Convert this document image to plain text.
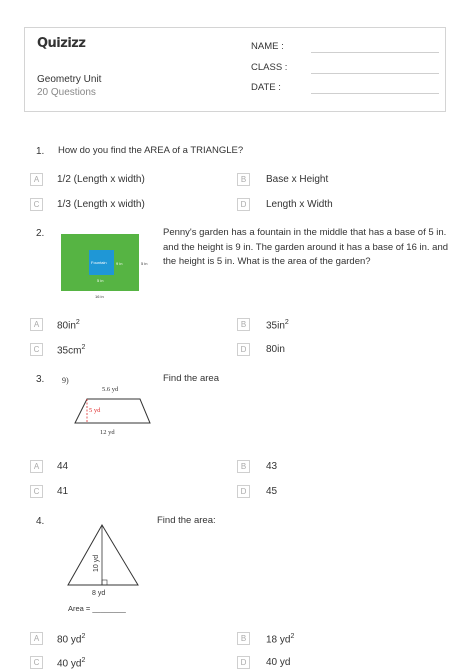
Quizizz
Geometry Unit
20 Questions
NAME :
CLASS :
DATE :
1. How do you find the AREA of a TRIANGLE?
A	1/2 (Length x width)	B	Base x Height
C	1/3 (Length x width)	D	Length x Width
2.
Fountain 9 in
5 in
5 in
16 in
Penny's garden has a fountain in the middle that has a base of 5 in. and the height is 9 in. The garden around it has a base of 16 in. and the height is 5 in. What is the area of the garden?
A	$80in^2$	B	$35in^2$
C	$35cm^2$	D	80in
3. 9)
5.6 yd
5 yd
12 yd
Find the area
A	44	B	43
C	41	D	45
4.
10 yd
8 yd
Area = ________
Find the area:
A	80 $yd^2$	B	18 $yd^2$
C	40 $yd^2$	D	40 yd
